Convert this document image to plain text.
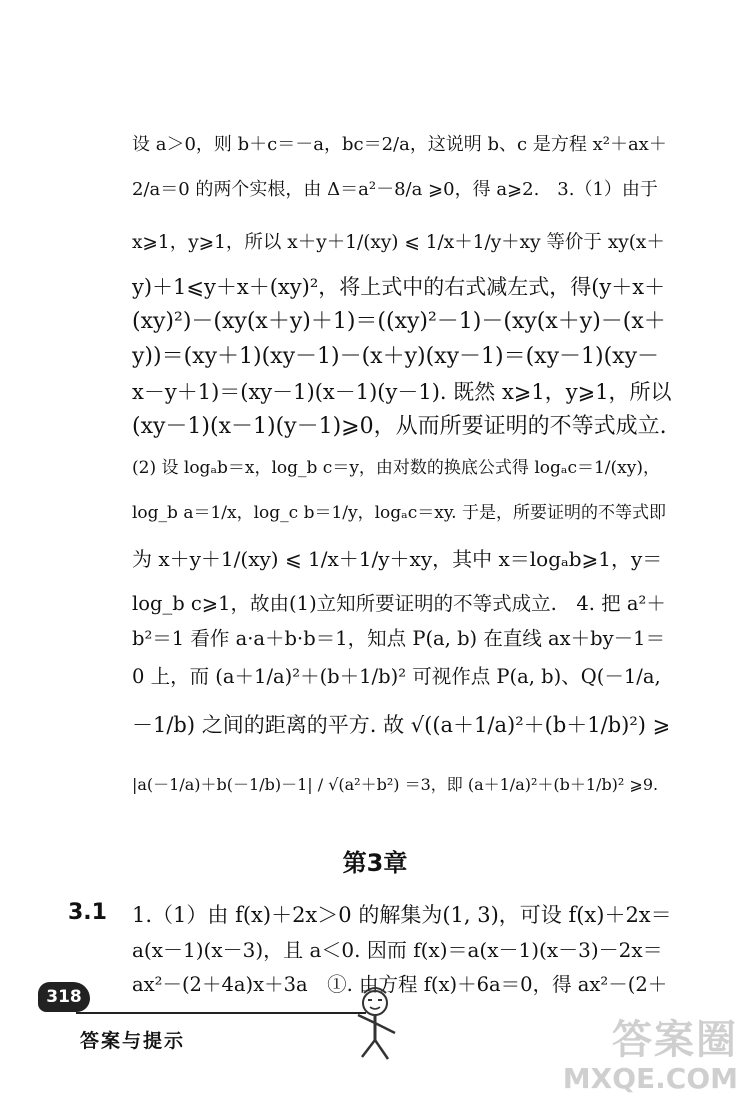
设 a＞0，则 b＋c＝－a，bc＝2/a，这说明 b、c 是方程 x²＋ax＋
2/a＝0 的两个实根，由 Δ＝a²－8/a ⩾0，得 a⩾2.　3.（1）由于
x⩾1，y⩾1，所以 x＋y＋1/(xy) ⩽ 1/x＋1/y＋xy 等价于 xy(x＋
y)＋1⩽y＋x＋(xy)²，将上式中的右式减左式，得(y＋x＋
(xy)²)－(xy(x＋y)＋1)＝((xy)²－1)－(xy(x＋y)－(x＋
y))＝(xy＋1)(xy－1)－(x＋y)(xy－1)＝(xy－1)(xy－
x－y＋1)＝(xy－1)(x－1)(y－1). 既然 x⩾1，y⩾1，所以
(xy－1)(x－1)(y－1)⩾0，从而所要证明的不等式成立.
(2) 设 logₐb＝x，log_b c＝y，由对数的换底公式得 logₐc＝1/(xy)，
log_b a＝1/x，log_c b＝1/y，logₐc＝xy. 于是，所要证明的不等式即
为 x＋y＋1/(xy) ⩽ 1/x＋1/y＋xy，其中 x＝logₐb⩾1，y＝
log_b c⩾1，故由(1)立知所要证明的不等式成立.　4. 把 a²＋
b²＝1 看作 a·a＋b·b＝1，知点 P(a, b) 在直线 ax＋by－1＝
0 上，而 (a＋1/a)²＋(b＋1/b)² 可视作点 P(a, b)、Q(－1/a,
－1/b) 之间的距离的平方. 故 √((a＋1/a)²＋(b＋1/b)²) ⩾
|a(－1/a)＋b(－1/b)－1| / √(a²＋b²) ＝3，即 (a＋1/a)²＋(b＋1/b)² ⩾9.
第3章
3.1 1.（1）由 f(x)＋2x＞0 的解集为(1, 3)，可设 f(x)＋2x＝
a(x－1)(x－3)，且 a＜0. 因而 f(x)＝a(x－1)(x－3)－2x＝
ax²－(2＋4a)x＋3a　①. 由方程 f(x)＋6a＝0，得 ax²－(2＋
318
答案与提示	答案圈
MXQE.COM
